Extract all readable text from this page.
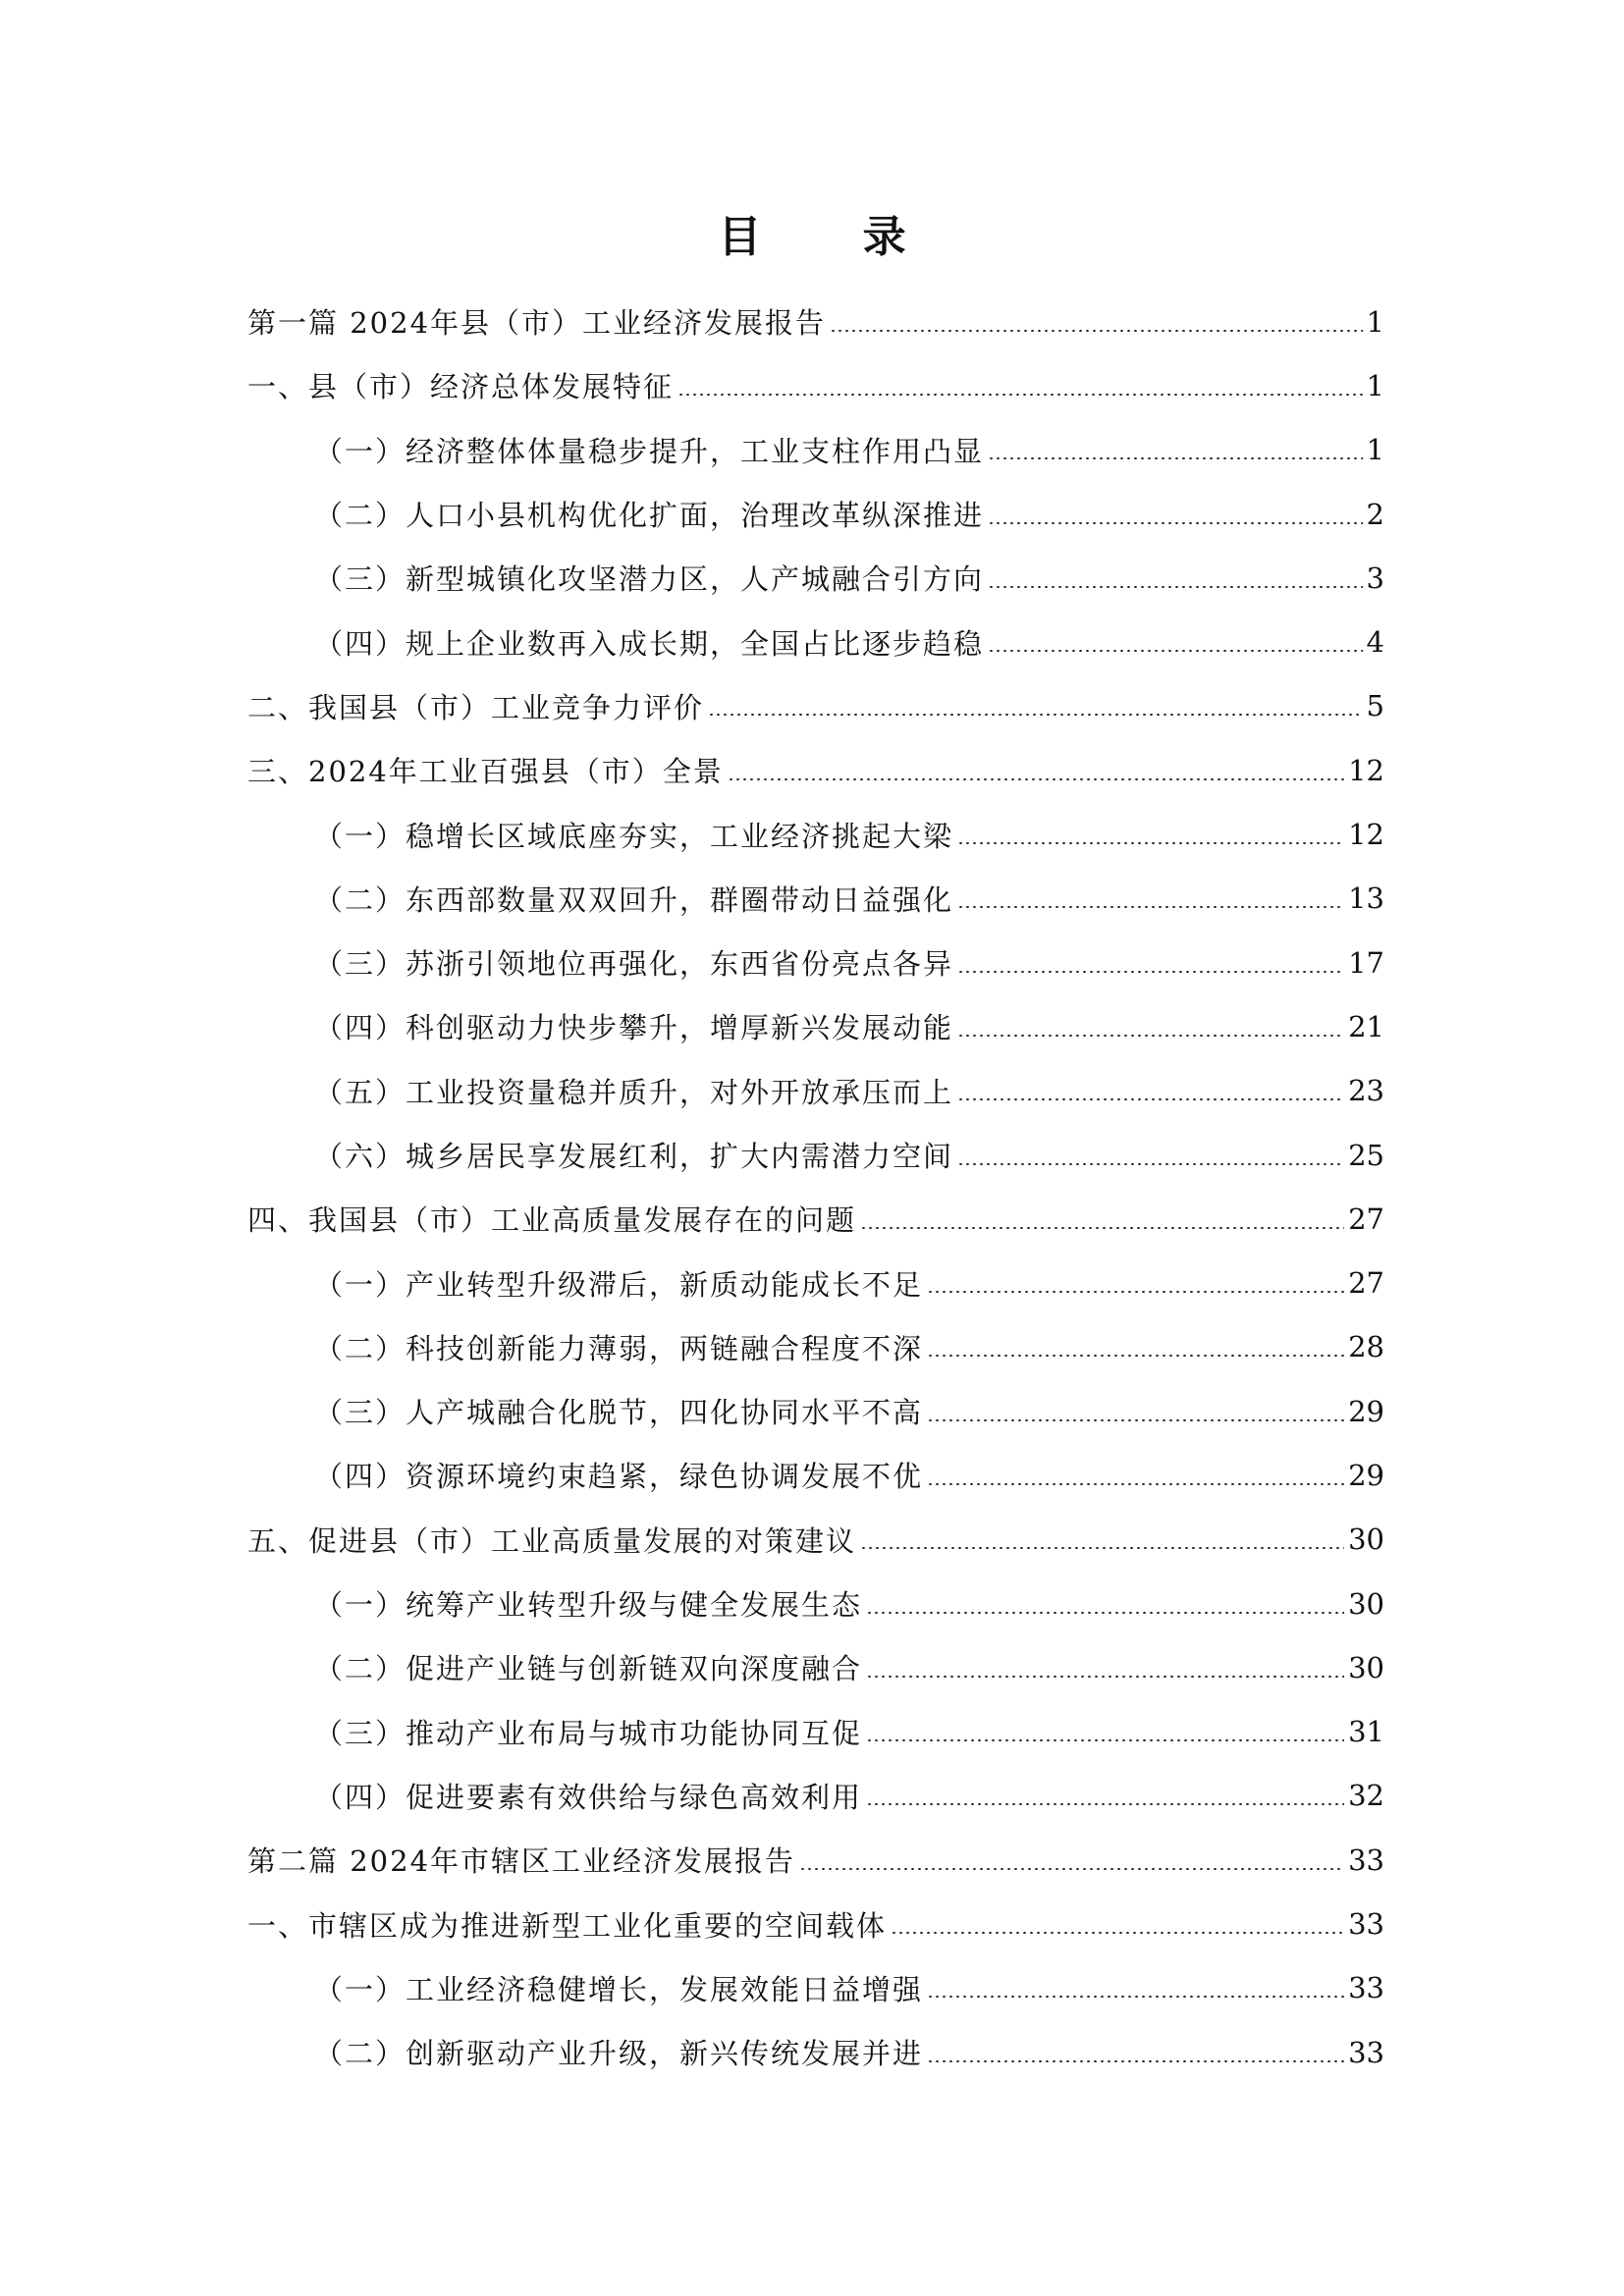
目 录
第一篇 2024年县（市）工业经济发展报告	1
一、县（市）经济总体发展特征	1
（一）经济整体体量稳步提升，工业支柱作用凸显	1
（二）人口小县机构优化扩面，治理改革纵深推进	2
（三）新型城镇化攻坚潜力区，人产城融合引方向	3
（四）规上企业数再入成长期，全国占比逐步趋稳	4
二、我国县（市）工业竞争力评价	5
三、2024年工业百强县（市）全景	12
（一）稳增长区域底座夯实，工业经济挑起大梁	12
（二）东西部数量双双回升，群圈带动日益强化	13
（三）苏浙引领地位再强化，东西省份亮点各异	17
（四）科创驱动力快步攀升，增厚新兴发展动能	21
（五）工业投资量稳并质升，对外开放承压而上	23
（六）城乡居民享发展红利，扩大内需潜力空间	25
四、我国县（市）工业高质量发展存在的问题	27
（一）产业转型升级滞后，新质动能成长不足	27
（二）科技创新能力薄弱，两链融合程度不深	28
（三）人产城融合化脱节，四化协同水平不高	29
（四）资源环境约束趋紧，绿色协调发展不优	29
五、促进县（市）工业高质量发展的对策建议	30
（一）统筹产业转型升级与健全发展生态	30
（二）促进产业链与创新链双向深度融合	30
（三）推动产业布局与城市功能协同互促	31
（四）促进要素有效供给与绿色高效利用	32
第二篇 2024年市辖区工业经济发展报告	33
一、市辖区成为推进新型工业化重要的空间载体	33
（一）工业经济稳健增长，发展效能日益增强	33
（二）创新驱动产业升级，新兴传统发展并进	33
